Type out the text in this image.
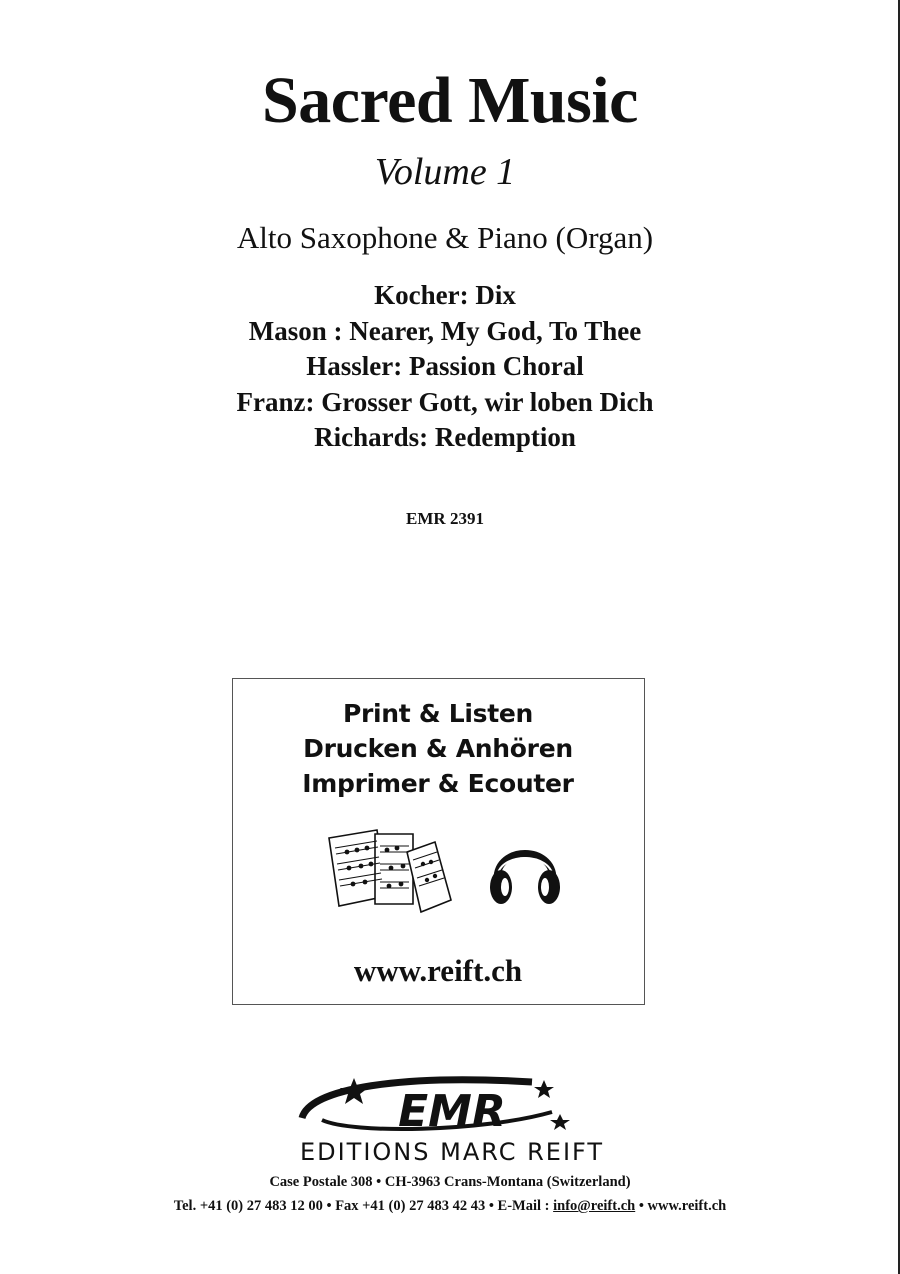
Sacred Music
Volume 1
Alto Saxophone & Piano (Organ)
Kocher: Dix
Mason : Nearer, My God, To Thee
Hassler: Passion Choral
Franz: Grosser Gott, wir loben Dich
Richards: Redemption
EMR 2391
Print & Listen
Drucken & Anhören
Imprimer & Ecouter
www.reift.ch
EMR
EDITIONS MARC REIFT
Case Postale 308 • CH-3963 Crans-Montana (Switzerland)
Tel. +41 (0) 27 483 12 00 • Fax +41 (0) 27 483 42 43 • E-Mail : info@reift.ch • www.reift.ch
